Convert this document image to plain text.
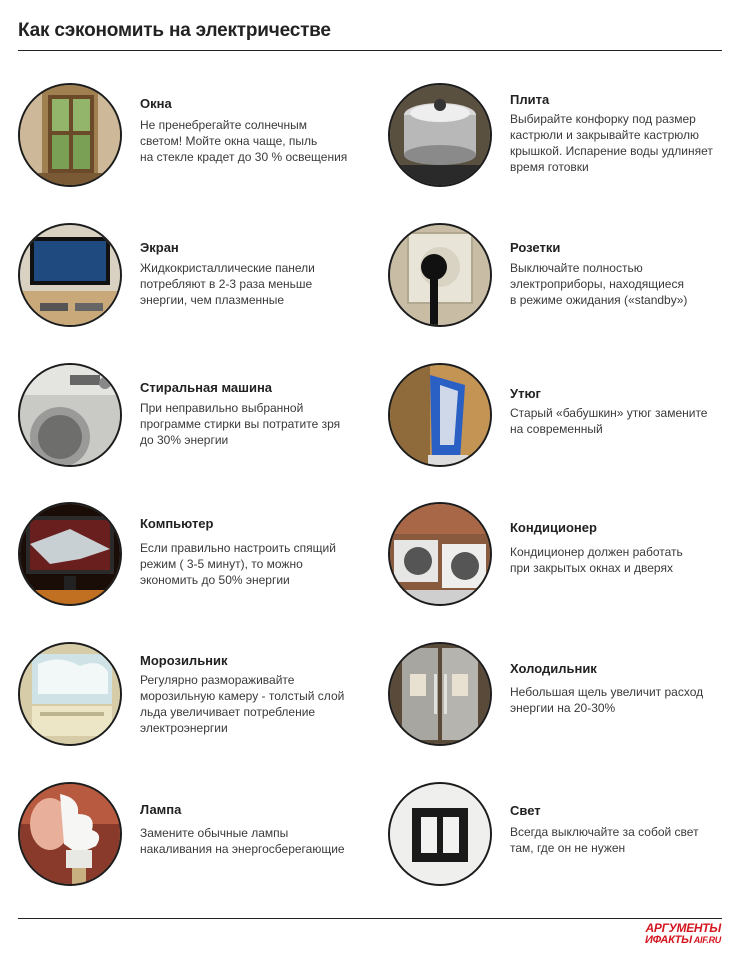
Как сэкономить на электричестве
Окна
Не пренебрегайте солнечным
светом! Мойте окна чаще, пыль
на стекле крадет до 30 % освещения
Плита
Выбирайте конфорку под размер
кастрюли и закрывайте кастрюлю
крышкой. Испарение воды удлиняет
время готовки
Экран
Жидкокристаллические панели
потребляют в 2-3 раза меньше
энергии, чем плазменные
Розетки
Выключайте полностью
электроприборы, находящиеся
в режиме ожидания («standby»)
Стиральная машина
При неправильно выбранной
программе стирки вы потратите зря
до 30% энергии
Утюг
Старый «бабушкин» утюг замените
на современный
Компьютер
Если правильно настроить спящий
режим ( 3-5 минут), то можно
экономить до 50% энергии
Кондиционер
Кондиционер должен работать
при закрытых окнах и дверях
Морозильник
Регулярно размораживайте
морозильную камеру - толстый слой
льда увеличивает потребление
электроэнергии
Холодильник
Небольшая щель увеличит расход
энергии на 20-30%
Лампа
Замените обычные лампы
накаливания на энергосберегающие
Свет
Всегда выключайте за собой свет
там, где он не нужен
АРГУМЕНТЫ
ИФАКТЫ AIF.RU
